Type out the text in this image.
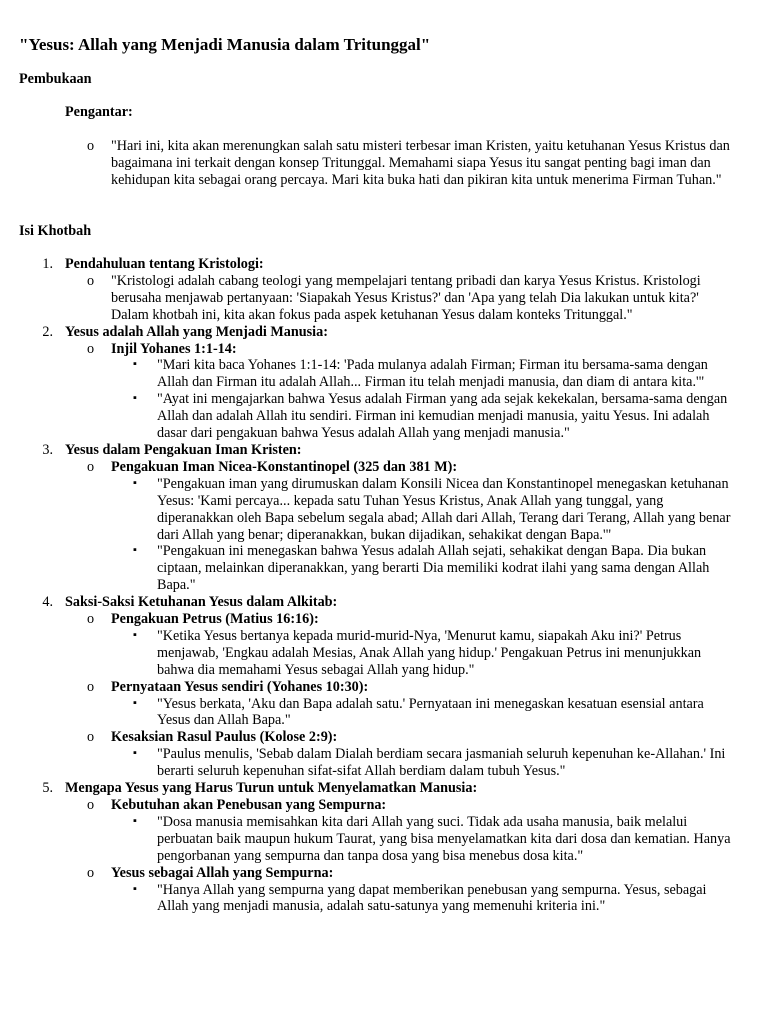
"Yesus: Allah yang Menjadi Manusia dalam Tritunggal"
Pembukaan
Pengantar:
o "Hari ini, kita akan merenungkan salah satu misteri terbesar iman Kristen, yaitu ketuhanan Yesus Kristus dan bagaimana ini terkait dengan konsep Tritunggal. Memahami siapa Yesus itu sangat penting bagi iman dan kehidupan kita sebagai orang percaya. Mari kita buka hati dan pikiran kita untuk menerima Firman Tuhan."
Isi Khotbah
1. Pendahuluan tentang Kristologi:
o "Kristologi adalah cabang teologi yang mempelajari tentang pribadi dan karya Yesus Kristus. Kristologi berusaha menjawab pertanyaan: 'Siapakah Yesus Kristus?' dan 'Apa yang telah Dia lakukan untuk kita?' Dalam khotbah ini, kita akan fokus pada aspek ketuhanan Yesus dalam konteks Tritunggal."
2. Yesus adalah Allah yang Menjadi Manusia:
o Injil Yohanes 1:1-14:
▪ "Mari kita baca Yohanes 1:1-14: 'Pada mulanya adalah Firman; Firman itu bersama-sama dengan Allah dan Firman itu adalah Allah... Firman itu telah menjadi manusia, dan diam di antara kita.'"
▪ "Ayat ini mengajarkan bahwa Yesus adalah Firman yang ada sejak kekekalan, bersama-sama dengan Allah dan adalah Allah itu sendiri. Firman ini kemudian menjadi manusia, yaitu Yesus. Ini adalah dasar dari pengakuan bahwa Yesus adalah Allah yang menjadi manusia."
3. Yesus dalam Pengakuan Iman Kristen:
o Pengakuan Iman Nicea-Konstantinopel (325 dan 381 M):
▪ "Pengakuan iman yang dirumuskan dalam Konsili Nicea dan Konstantinopel menegaskan ketuhanan Yesus: 'Kami percaya... kepada satu Tuhan Yesus Kristus, Anak Allah yang tunggal, yang diperanakkan oleh Bapa sebelum segala abad; Allah dari Allah, Terang dari Terang, Allah yang benar dari Allah yang benar; diperanakkan, bukan dijadikan, sehakikat dengan Bapa.'"
▪ "Pengakuan ini menegaskan bahwa Yesus adalah Allah sejati, sehakikat dengan Bapa. Dia bukan ciptaan, melainkan diperanakkan, yang berarti Dia memiliki kodrat ilahi yang sama dengan Allah Bapa."
4. Saksi-Saksi Ketuhanan Yesus dalam Alkitab:
o Pengakuan Petrus (Matius 16:16):
▪ "Ketika Yesus bertanya kepada murid-murid-Nya, 'Menurut kamu, siapakah Aku ini?' Petrus menjawab, 'Engkau adalah Mesias, Anak Allah yang hidup.' Pengakuan Petrus ini menunjukkan bahwa dia memahami Yesus sebagai Allah yang hidup."
o Pernyataan Yesus sendiri (Yohanes 10:30):
▪ "Yesus berkata, 'Aku dan Bapa adalah satu.' Pernyataan ini menegaskan kesatuan esensial antara Yesus dan Allah Bapa."
o Kesaksian Rasul Paulus (Kolose 2:9):
▪ "Paulus menulis, 'Sebab dalam Dialah berdiam secara jasmaniah seluruh kepenuhan ke-Allahan.' Ini berarti seluruh kepenuhan sifat-sifat Allah berdiam dalam tubuh Yesus."
5. Mengapa Yesus yang Harus Turun untuk Menyelamatkan Manusia:
o Kebutuhan akan Penebusan yang Sempurna:
▪ "Dosa manusia memisahkan kita dari Allah yang suci. Tidak ada usaha manusia, baik melalui perbuatan baik maupun hukum Taurat, yang bisa menyelamatkan kita dari dosa dan kematian. Hanya pengorbanan yang sempurna dan tanpa dosa yang bisa menebus dosa kita."
o Yesus sebagai Allah yang Sempurna:
▪ "Hanya Allah yang sempurna yang dapat memberikan penebusan yang sempurna. Yesus, sebagai Allah yang menjadi manusia, adalah satu-satunya yang memenuhi kriteria ini."
